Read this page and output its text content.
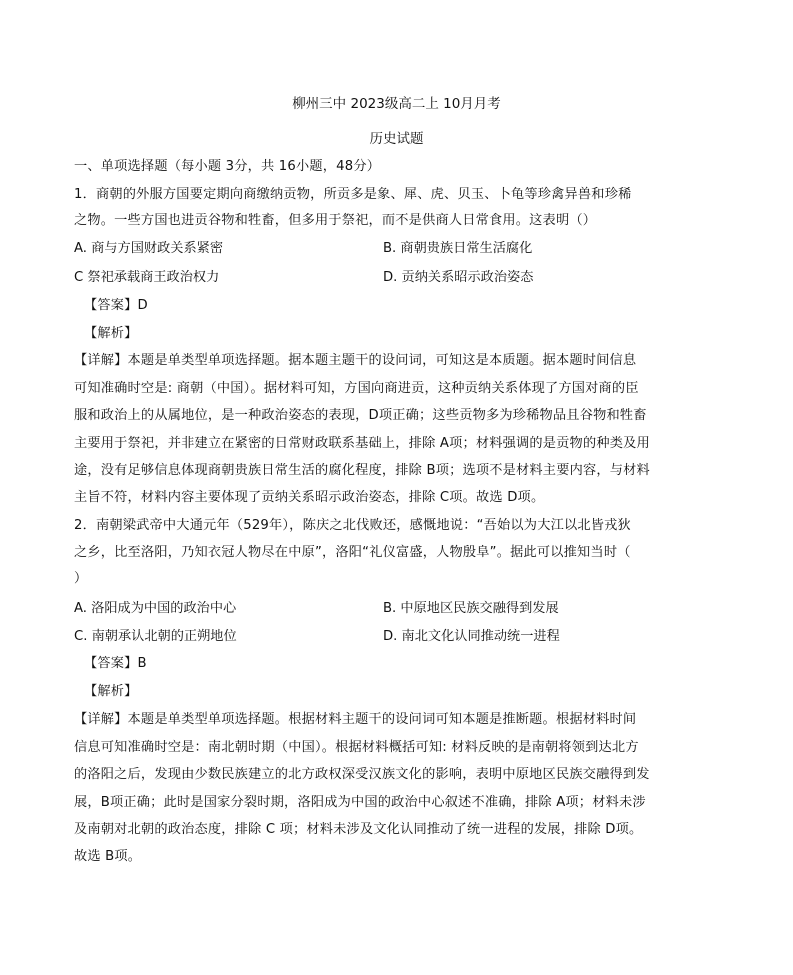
柳州三中 2023级高二上 10月月考
历史试题
一、单项选择题（每小题 3分，共 16小题，48分）
1．商朝的外服方国要定期向商缴纳贡物，所贡多是象、犀、虎、贝玉、卜龟等珍禽异兽和珍稀
之物。一些方国也进贡谷物和牲畜，但多用于祭祀，而不是供商人日常食用。这表明（）
A. 商与方国财政关系紧密	B. 商朝贵族日常生活腐化
C 祭祀承载商王政治权力	D. 贡纳关系昭示政治姿态
【答案】D
【解析】
【详解】本题是单类型单项选择题。据本题主题干的设问词，可知这是本质题。据本题时间信息
可知准确时空是: 商朝（中国）。据材料可知，方国向商进贡，这种贡纳关系体现了方国对商的臣
服和政治上的从属地位，是一种政治姿态的表现，D项正确；这些贡物多为珍稀物品且谷物和牲畜
主要用于祭祀，并非建立在紧密的日常财政联系基础上，排除 A项；材料强调的是贡物的种类及用
途，没有足够信息体现商朝贵族日常生活的腐化程度，排除 B项；选项不是材料主要内容，与材料
主旨不符，材料内容主要体现了贡纳关系昭示政治姿态，排除 C项。故选 D项。
2．南朝梁武帝中大通元年（529年），陈庆之北伐败还，感慨地说：“吾始以为大江以北皆戎狄
之乡，比至洛阳，乃知衣冠人物尽在中原”，洛阳“礼仪富盛，人物殷阜”。据此可以推知当时（
）
A. 洛阳成为中国的政治中心	B. 中原地区民族交融得到发展
C. 南朝承认北朝的正朔地位	D. 南北文化认同推动统一进程
【答案】B
【解析】
【详解】本题是单类型单项选择题。根据材料主题干的设问词可知本题是推断题。根据材料时间
信息可知准确时空是：南北朝时期（中国）。根据材料概括可知: 材料反映的是南朝将领到达北方
的洛阳之后，发现由少数民族建立的北方政权深受汉族文化的影响，表明中原地区民族交融得到发
展，B项正确；此时是国家分裂时期，洛阳成为中国的政治中心叙述不准确，排除 A项；材料未涉
及南朝对北朝的政治态度，排除 C 项；材料未涉及文化认同推动了统一进程的发展，排除 D项。
故选 B项。
